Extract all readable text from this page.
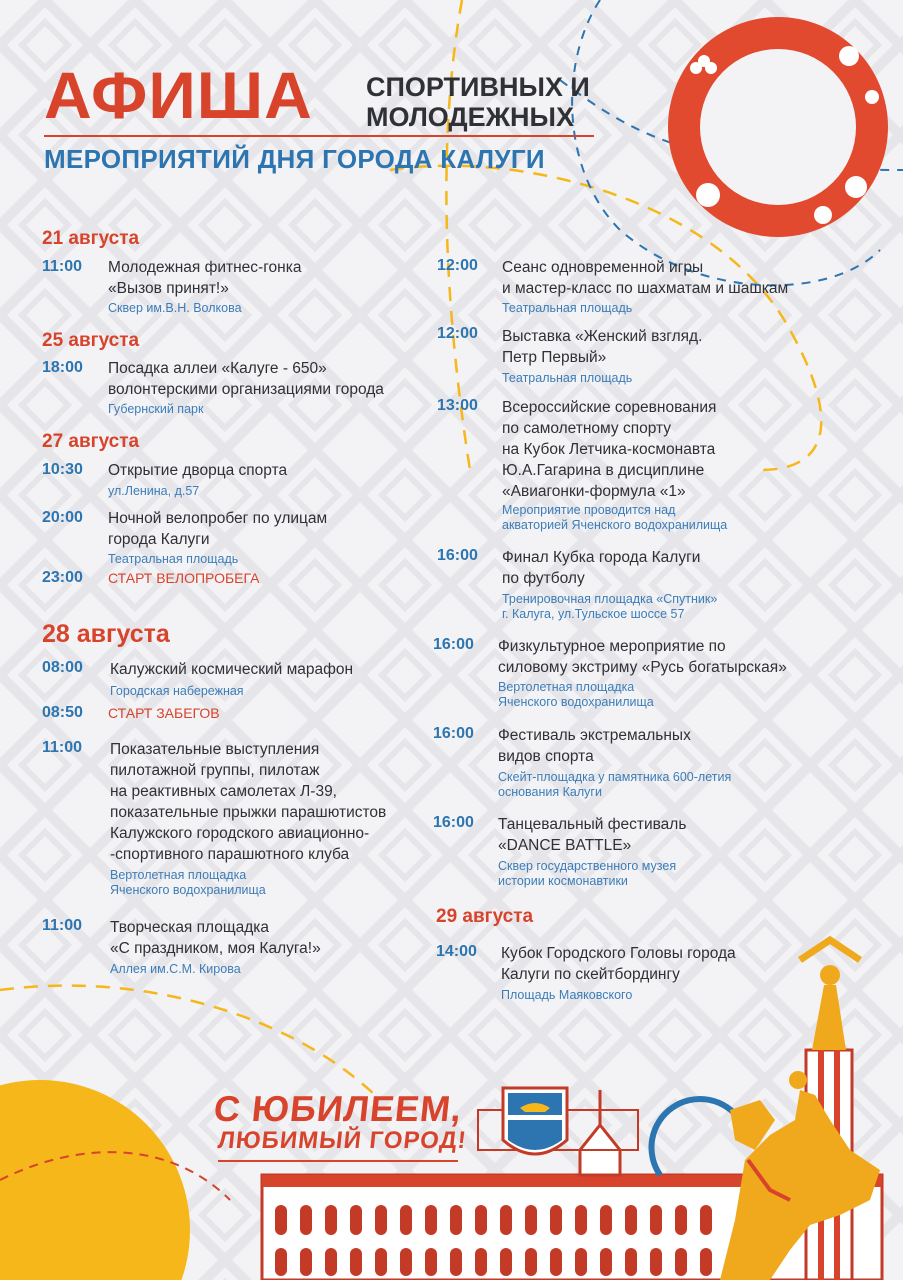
АФИША СПОРТИВНЫХ И
МОЛОДЕЖНЫХ
МЕРОПРИЯТИЙ ДНЯ ГОРОДА КАЛУГИ
21 августа
11:00 Молодежная фитнес-гонка
«Вызов принят!»
Сквер им.В.Н. Волкова
25 августа
18:00 Посадка аллеи «Калуге - 650»
волонтерскими организациями города
Губернский парк
27 августа
10:30 Открытие дворца спорта
ул.Ленина, д.57
20:00 Ночной велопробег по улицам
города Калуги
Театральная площадь
23:00 СТАРТ ВЕЛОПРОБЕГА
28 августа
08:00 Калужский космический марафон
Городская набережная
08:50 СТАРТ ЗАБЕГОВ
11:00 Показательные выступления
пилотажной группы, пилотаж
на реактивных самолетах Л-39,
показательные прыжки парашютистов
Калужского городского авиационно-
-спортивного парашютного клуба
Вертолетная площадка
Яченского водохранилища
11:00 Творческая площадка
«С праздником, моя Калуга!»
Аллея им.С.М. Кирова
12:00 Сеанс одновременной игры
и мастер-класс по шахматам и шашкам
Театральная площадь
12:00 Выставка «Женский взгляд.
Петр Первый»
Театральная площадь
13:00 Всероссийские соревнования
по самолетному спорту
на Кубок Летчика-космонавта
Ю.А.Гагарина в дисциплине
«Авиагонки-формула «1»
Мероприятие проводится над
акваторией Яченского водохранилища
16:00 Финал Кубка города Калуги
по футболу
Тренировочная площадка «Спутник»
г. Калуга, ул.Тульское шоссе 57
16:00 Физкультурное мероприятие по
силовому экстриму «Русь богатырская»
Вертолетная площадка
Яченского водохранилища
16:00 Фестиваль экстремальных
видов спорта
Скейт-площадка у памятника 600-летия
основания Калуги
16:00 Танцевальный фестиваль
«DANCE BATTLE»
Сквер государственного музея
истории космонавтики
29 августа
14:00 Кубок Городского Головы города
Калуги по скейтбордингу
Площадь Маяковского
С ЮБИЛЕЕМ,
ЛЮБИМЫЙ ГОРОД!
